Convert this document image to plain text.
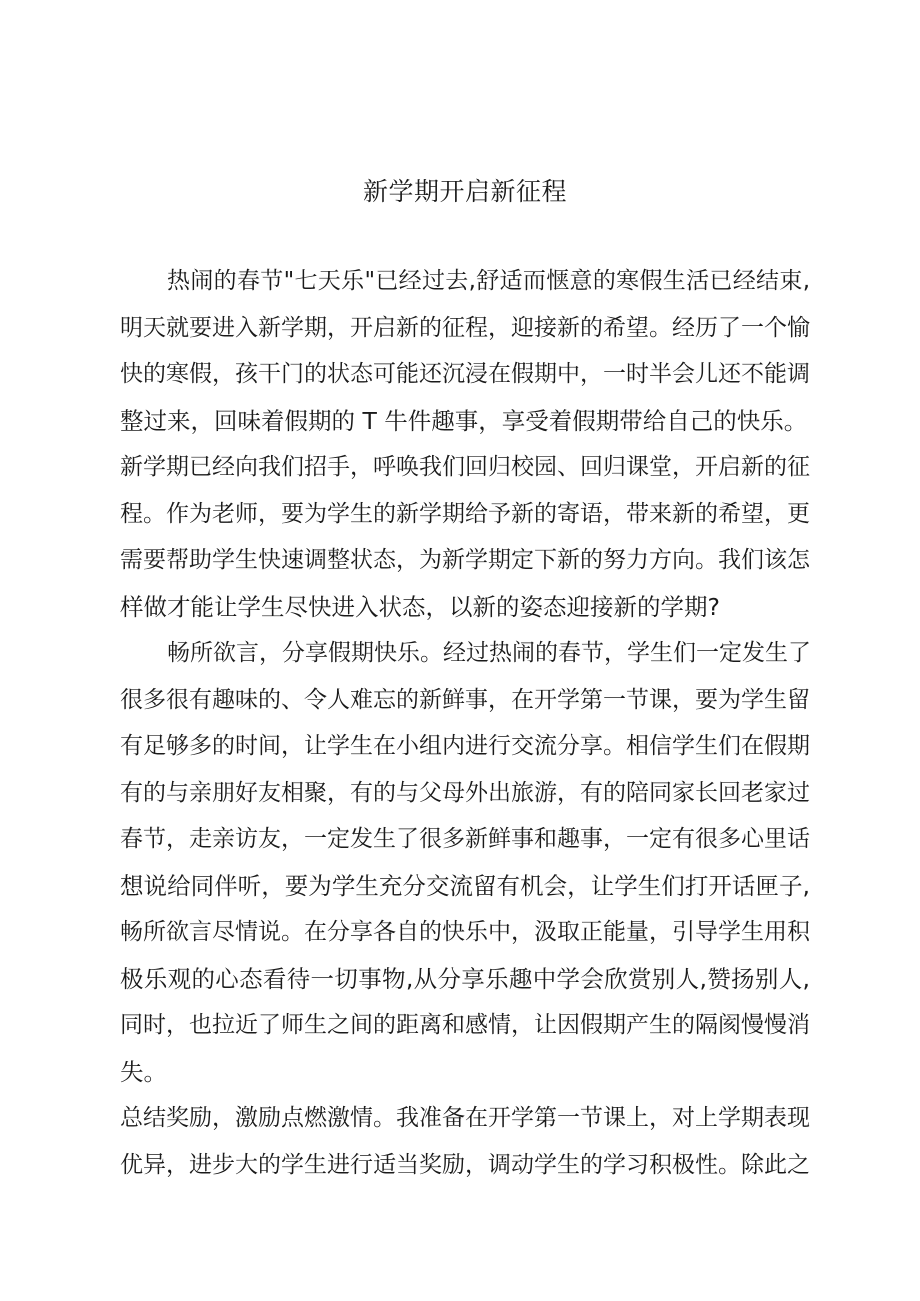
新学期开启新征程
热闹的春节"七天乐"已经过去,舒适而惬意的寒假生活已经结束,
明天就要进入新学期，开启新的征程，迎接新的希望。经历了一个愉
快的寒假，孩干门的状态可能还沉浸在假期中，一时半会儿还不能调
整过来，回味着假期的 T 牛件趣事，享受着假期带给自己的快乐。
新学期已经向我们招手，呼唤我们回归校园、回归课堂，开启新的征
程。作为老师，要为学生的新学期给予新的寄语，带来新的希望，更
需要帮助学生快速调整状态，为新学期定下新的努力方向。我们该怎
样做才能让学生尽快进入状态，以新的姿态迎接新的学期?
畅所欲言，分享假期快乐。经过热闹的春节，学生们一定发生了
很多很有趣味的、令人难忘的新鲜事，在开学第一节课，要为学生留
有足够多的时间，让学生在小组内进行交流分享。相信学生们在假期
有的与亲朋好友相聚，有的与父母外出旅游，有的陪同家长回老家过
春节，走亲访友，一定发生了很多新鲜事和趣事，一定有很多心里话
想说给同伴听，要为学生充分交流留有机会，让学生们打开话匣子,
畅所欲言尽情说。在分享各自的快乐中，汲取正能量，引导学生用积
极乐观的心态看待一切事物,从分享乐趣中学会欣赏别人,赞扬别人,
同时，也拉近了师生之间的距离和感情，让因假期产生的隔阂慢慢消
失。
总结奖励，激励点燃激情。我准备在开学第一节课上，对上学期表现
优异，进步大的学生进行适当奖励，调动学生的学习积极性。除此之
